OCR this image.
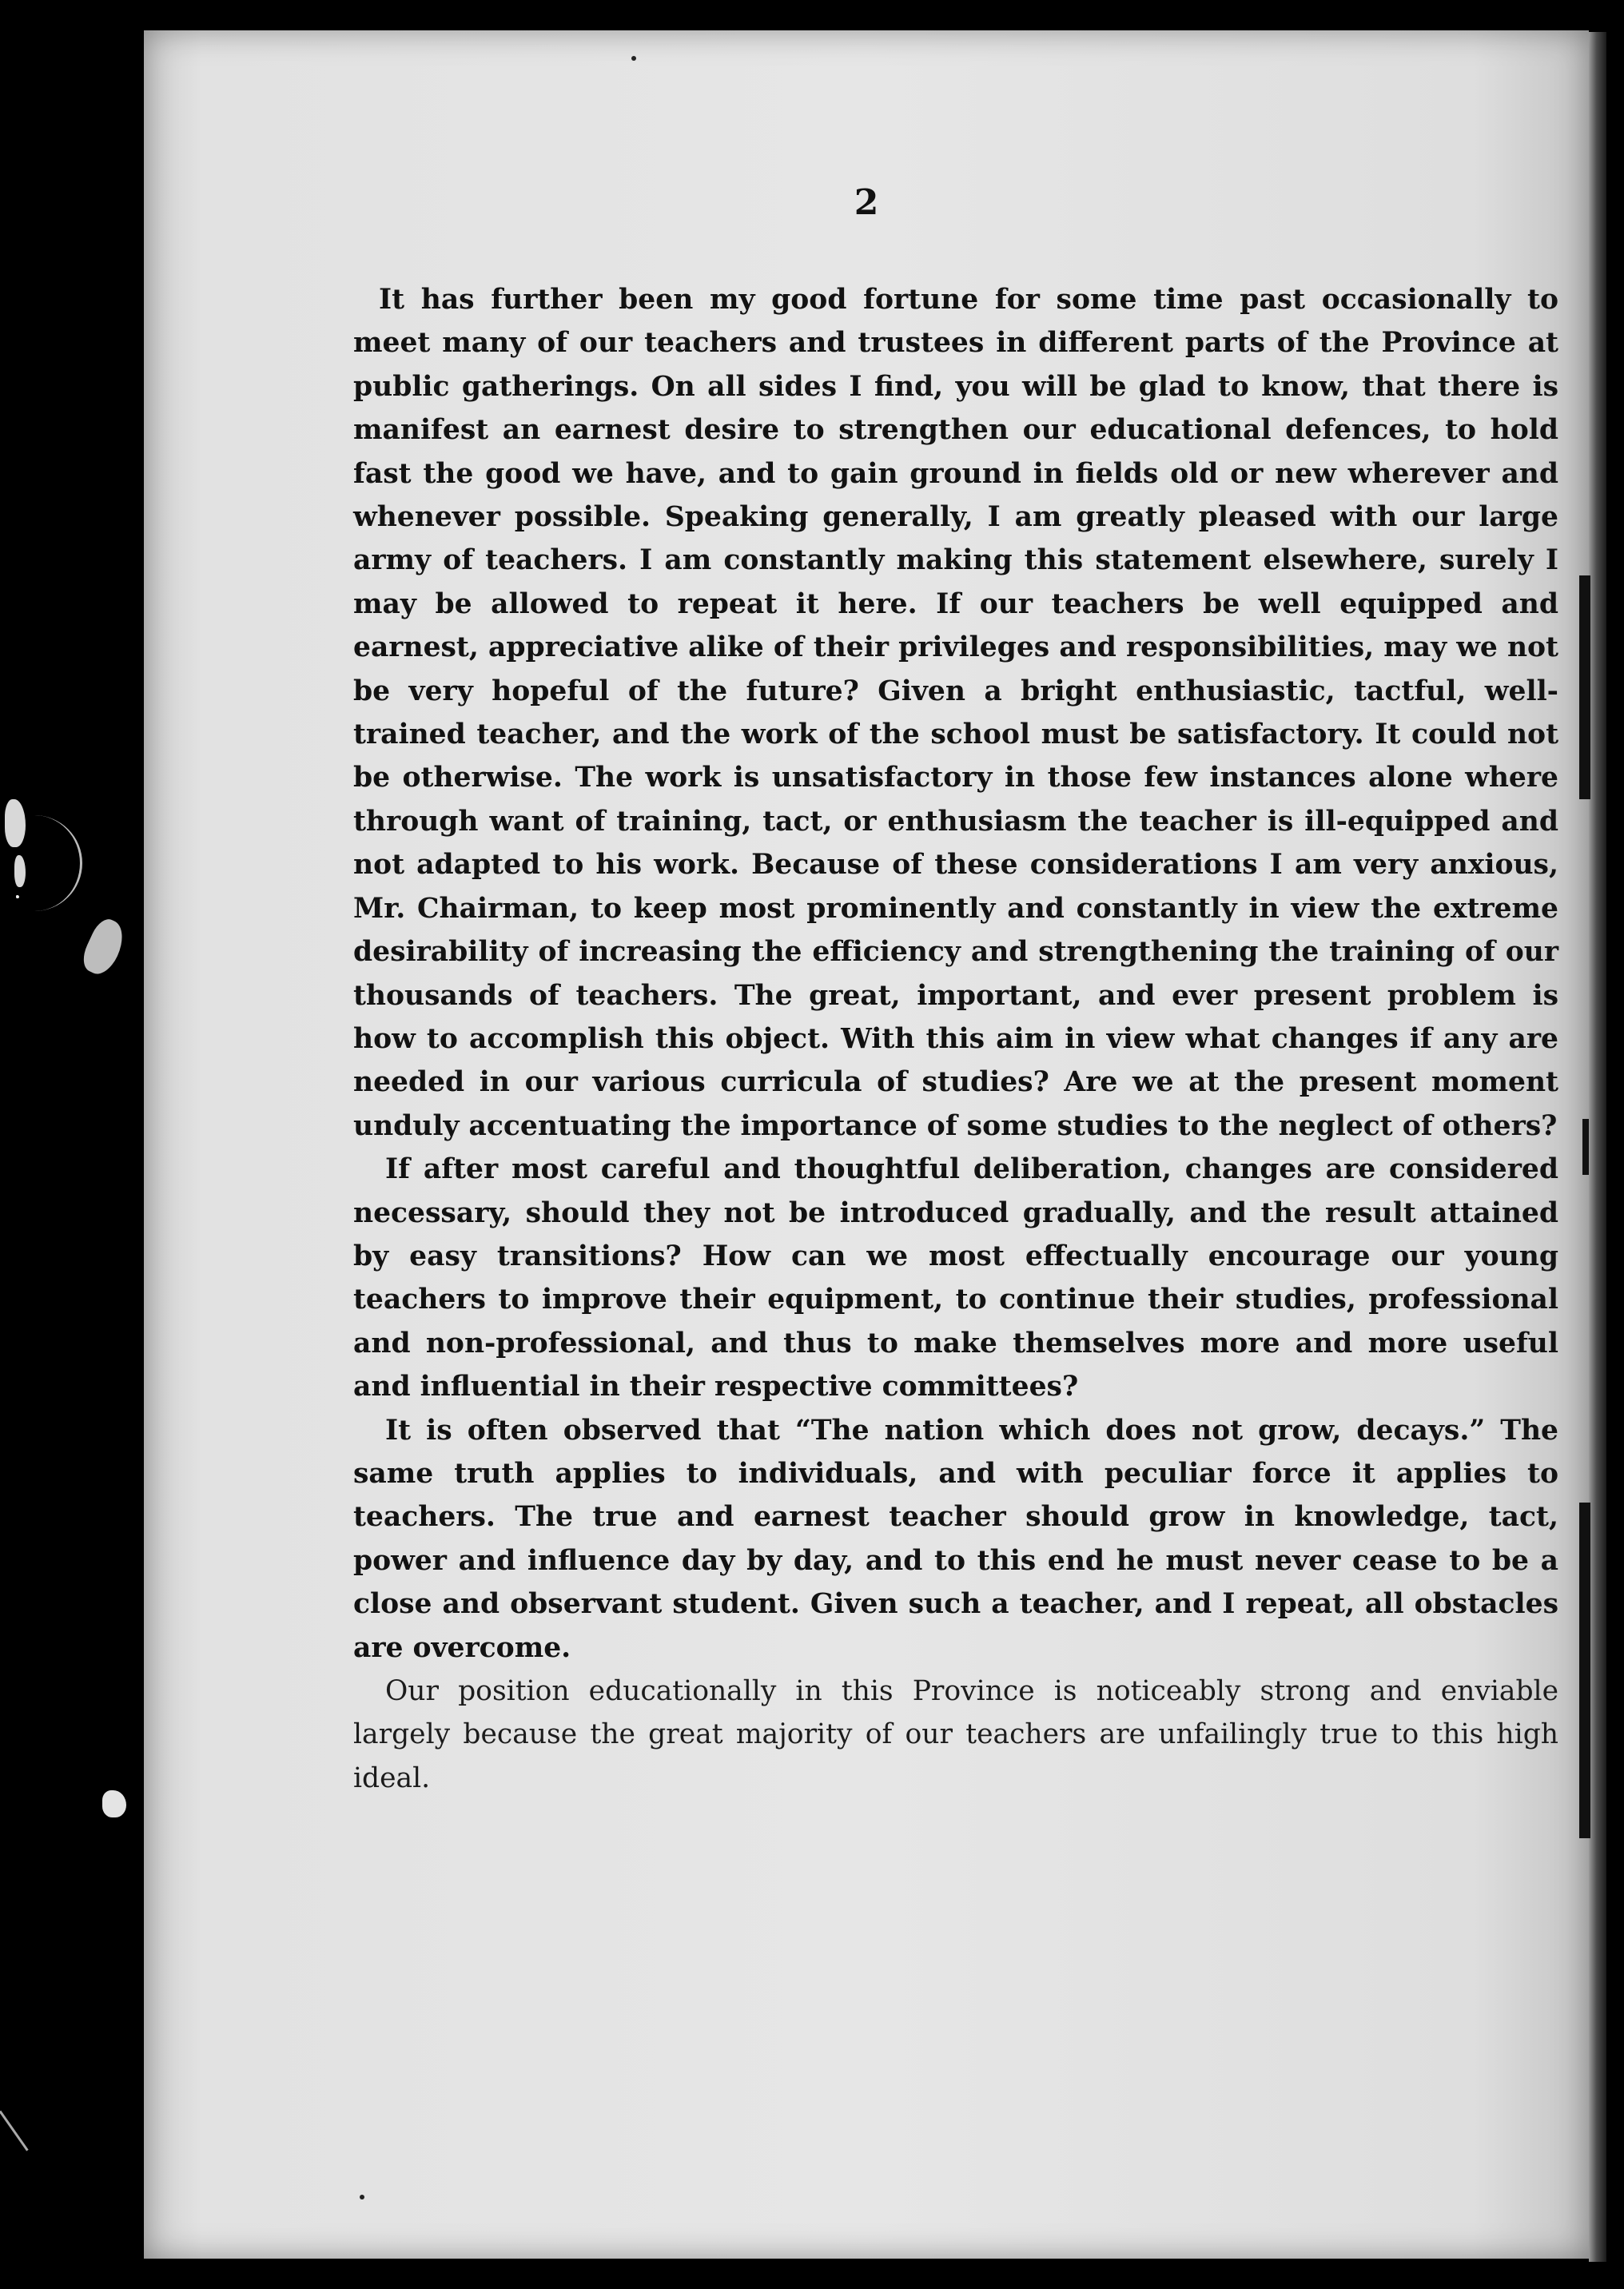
2

It has further been my good fortune for some time past occasionally to meet many of our teachers and trustees in different parts of the Province at public gatherings. On all sides I find, you will be glad to know, that there is manifest an earnest desire to strengthen our educational defences, to hold fast the good we have, and to gain ground in fields old or new wherever and whenever possible. Speaking generally, I am greatly pleased with our large army of teachers. I am constantly making this statement elsewhere, surely I may be allowed to repeat it here. If our teachers be well equipped and earnest, appreciative alike of their privileges and responsibilities, may we not be very hopeful of the future? Given a bright enthusiastic, tactful, well-trained teacher, and the work of the school must be satisfactory. It could not be otherwise. The work is unsatisfactory in those few instances alone where through want of training, tact, or enthusiasm the teacher is ill-equipped and not adapted to his work. Because of these considerations I am very anxious, Mr. Chairman, to keep most prominently and constantly in view the extreme desirability of increasing the efficiency and strengthening the training of our thousands of teachers. The great, important, and ever present problem is how to accomplish this object. With this aim in view what changes if any are needed in our various curricula of studies? Are we at the present moment unduly accentuating the importance of some studies to the neglect of others?

If after most careful and thoughtful deliberation, changes are considered necessary, should they not be introduced gradually, and the result attained by easy transitions? How can we most effectually encourage our young teachers to improve their equipment, to continue their studies, professional and non-professional, and thus to make themselves more and more useful and influential in their respective committees?

It is often observed that “The nation which does not grow, decays.” The same truth applies to individuals, and with peculiar force it applies to teachers. The true and earnest teacher should grow in knowledge, tact, power and influence day by day, and to this end he must never cease to be a close and observant student. Given such a teacher, and I repeat, all obstacles are overcome.

Our position educationally in this Province is noticeably strong and enviable largely because the great majority of our teachers are unfailingly true to this high ideal.
